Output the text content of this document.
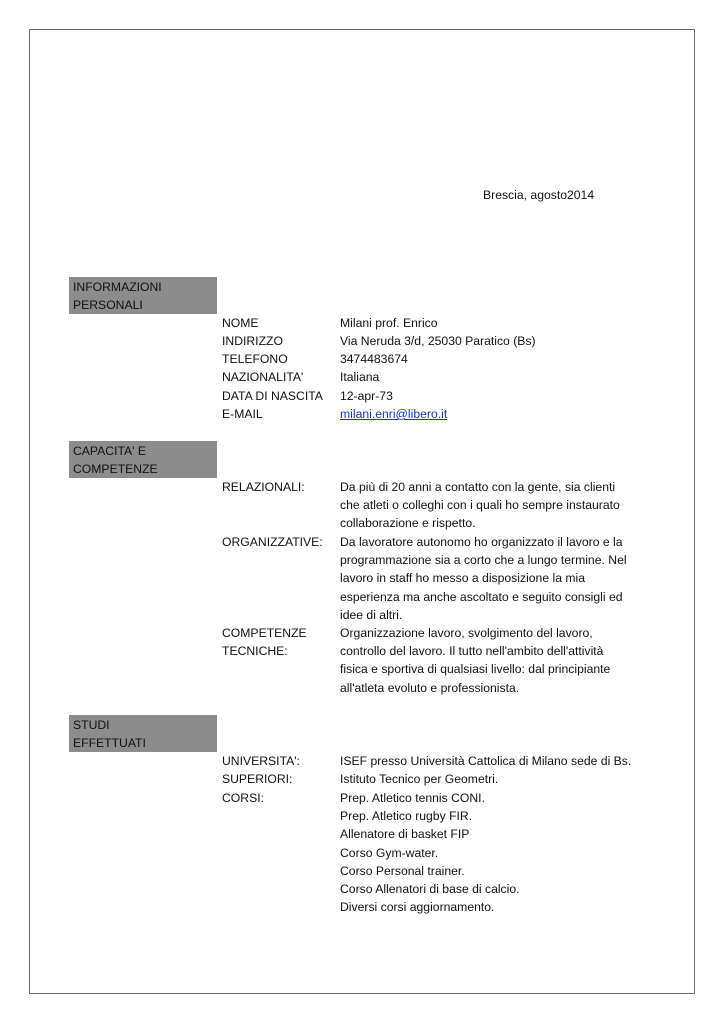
Brescia, agosto2014
INFORMAZIONI
PERSONALI
NOME	Milani prof. Enrico
INDIRIZZO	Via Neruda 3/d, 25030 Paratico (Bs)
TELEFONO	3474483674
NAZIONALITA'	Italiana
DATA DI NASCITA 12-apr-73
E-MAIL	milani.enri@libero.it
CAPACITA' E
COMPETENZE
RELAZIONALI:	Da più di 20 anni a contatto con la gente, sia clienti
che atleti o colleghi con i quali ho sempre instaurato
collaborazione e rispetto.
ORGANIZZATIVE: Da lavoratore autonomo ho organizzato il lavoro e la
programmazione sia a corto che a lungo termine. Nel
lavoro in staff ho messo a disposizione la mia
esperienza ma anche ascoltato e seguito consigli ed
idee di altri.
COMPETENZE
TECNICHE:
Organizzazione lavoro, svolgimento del lavoro,
controllo del lavoro. Il tutto nell'ambito dell'attività
fisica e sportiva di qualsiasi livello: dal principiante
all'atleta evoluto e professionista.
STUDI
EFFETTUATI
UNIVERSITA':	ISEF presso Università Cattolica di Milano sede di Bs.
SUPERIORI:	Istituto Tecnico per Geometri.
CORSI:	Prep. Atletico tennis CONI.
Prep. Atletico rugby FIR.
Allenatore di basket FIP
Corso Gym-water.
Corso Personal trainer.
Corso Allenatori di base di calcio.
Diversi corsi aggiornamento.
